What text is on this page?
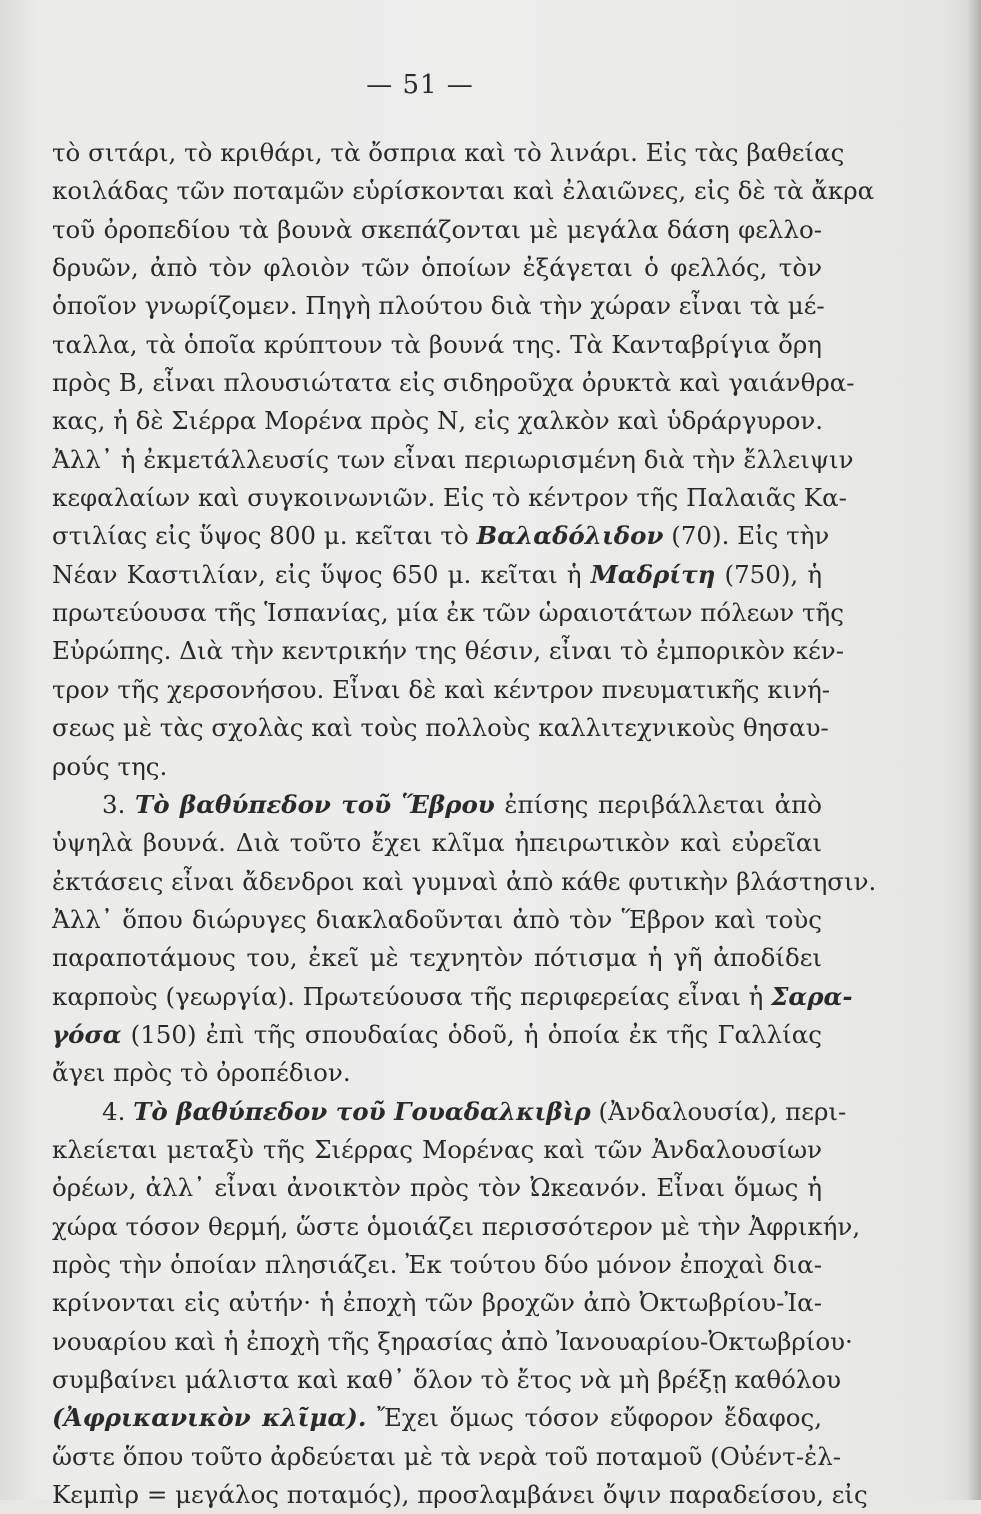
— 51 —
τὸ σιτάρι, τὸ κριθάρι, τὰ ὄσπρια καὶ τὸ λινάρι. Εἰς τὰς βαθείας
κοιλάδας τῶν ποταμῶν εὑρίσκονται καὶ ἐλαιῶνες, εἰς δὲ τὰ ἄκρα
τοῦ ὀροπεδίου τὰ βουνὰ σκεπάζονται μὲ μεγάλα δάση φελλο-
δρυῶν, ἀπὸ τὸν φλοιὸν τῶν ὁποίων ἐξάγεται ὁ φελλός, τὸν
ὁποῖον γνωρίζομεν. Πηγὴ πλούτου διὰ τὴν χώραν εἶναι τὰ μέ-
ταλλα, τὰ ὁποῖα κρύπτουν τὰ βουνά της. Τὰ Κανταβρίγια ὄρη
πρὸς Β, εἶναι πλουσιώτατα εἰς σιδηροῦχα ὀρυκτὰ καὶ γαιάνθρα-
κας, ἡ δὲ Σιέρρα Μορένα πρὸς Ν, εἰς χαλκὸν καὶ ὑδράργυρον.
Ἀλλ᾽ ἡ ἐκμετάλλευσίς των εἶναι περιωρισμένη διὰ τὴν ἔλλειψιν
κεφαλαίων καὶ συγκοινωνιῶν. Εἰς τὸ κέντρον τῆς Παλαιᾶς Κα-
στιλίας εἰς ὕψος 800 μ. κεῖται τὸ Βαλαδόλιδον (70). Εἰς τὴν
Νέαν Καστιλίαν, εἰς ὕψος 650 μ. κεῖται ἡ Μαδρίτη (750), ἡ
πρωτεύουσα τῆς Ἱσπανίας, μία ἐκ τῶν ὡραιοτάτων πόλεων τῆς
Εὐρώπης. Διὰ τὴν κεντρικήν της θέσιν, εἶναι τὸ ἐμπορικὸν κέν-
τρον τῆς χερσονήσου. Εἶναι δὲ καὶ κέντρον πνευματικῆς κινή-
σεως μὲ τὰς σχολὰς καὶ τοὺς πολλοὺς καλλιτεχνικοὺς θησαυ-
ρούς της.
3. Τὸ βαθύπεδον τοῦ Ἕβρου ἐπίσης περιβάλλεται ἀπὸ
ὑψηλὰ βουνά. Διὰ τοῦτο ἔχει κλῖμα ἠπειρωτικὸν καὶ εὐρεῖαι
ἐκτάσεις εἶναι ἄδενδροι καὶ γυμναὶ ἀπὸ κάθε φυτικὴν βλάστησιν.
Ἀλλ᾽ ὅπου διώρυγες διακλαδοῦνται ἀπὸ τὸν Ἕβρον καὶ τοὺς
παραποτάμους του, ἐκεῖ μὲ τεχνητὸν πότισμα ἡ γῆ ἀποδίδει
καρποὺς (γεωργία). Πρωτεύουσα τῆς περιφερείας εἶναι ἡ Σαρα-
γόσα (150) ἐπὶ τῆς σπουδαίας ὁδοῦ, ἡ ὁποία ἐκ τῆς Γαλλίας
ἄγει πρὸς τὸ ὀροπέδιον.
4. Τὸ βαθύπεδον τοῦ Γουαδαλκιβὶρ (Ἀνδαλουσία), περι-
κλείεται μεταξὺ τῆς Σιέρρας Μορένας καὶ τῶν Ἀνδαλουσίων
ὀρέων, ἀλλ᾽ εἶναι ἀνοικτὸν πρὸς τὸν Ὠκεανόν. Εἶναι ὅμως ἡ
χώρα τόσον θερμή, ὥστε ὁμοιάζει περισσότερον μὲ τὴν Ἀφρικήν,
πρὸς τὴν ὁποίαν πλησιάζει. Ἐκ τούτου δύο μόνον ἐποχαὶ δια-
κρίνονται εἰς αὐτήν· ἡ ἐποχὴ τῶν βροχῶν ἀπὸ Ὀκτωβρίου-Ἰα-
νουαρίου καὶ ἡ ἐποχὴ τῆς ξηρασίας ἀπὸ Ἰανουαρίου-Ὀκτωβρίου·
συμβαίνει μάλιστα καὶ καθ᾽ ὅλον τὸ ἔτος νὰ μὴ βρέξῃ καθόλου
(Ἀφρικανικὸν κλῖμα). Ἔχει ὅμως τόσον εὔφορον ἔδαφος,
ὥστε ὅπου τοῦτο ἀρδεύεται μὲ τὰ νερὰ τοῦ ποταμοῦ (Οὐέντ-ἐλ-
Κεμπὶρ = μεγάλος ποταμός), προσλαμβάνει ὄψιν παραδείσου, εἰς
